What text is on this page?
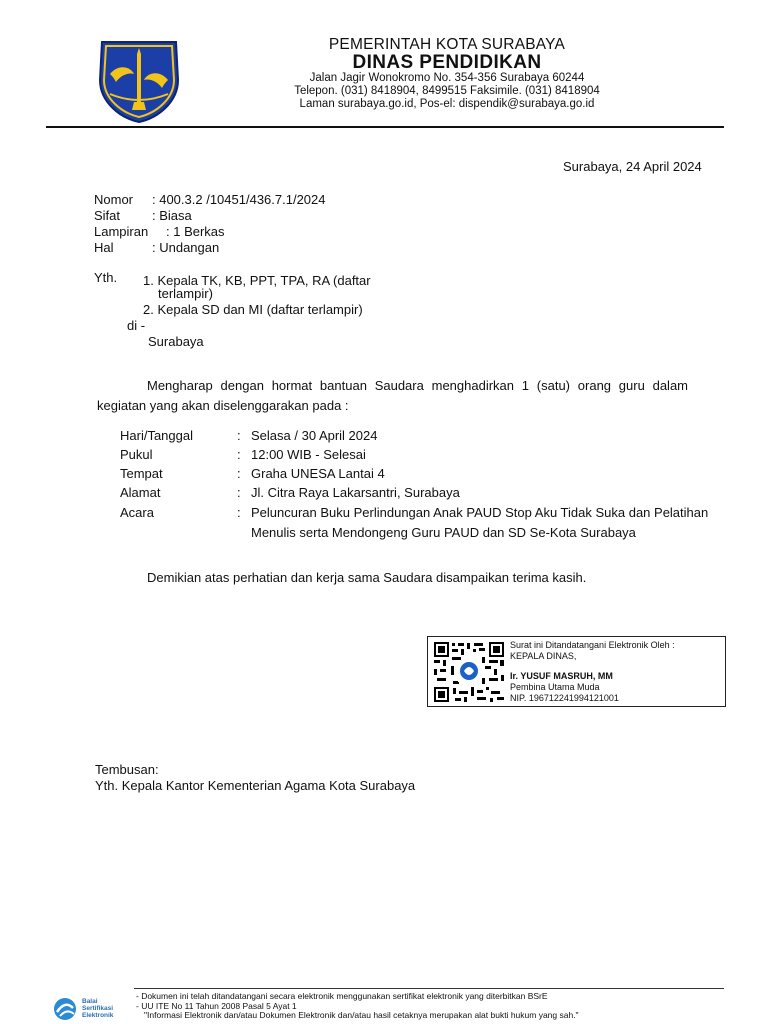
PEMERINTAH KOTA SURABAYA
DINAS PENDIDIKAN
Jalan Jagir Wonokromo No. 354-356 Surabaya 60244
Telepon. (031) 8418904, 8499515 Faksimile. (031) 8418904
Laman surabaya.go.id, Pos-el: dispendik@surabaya.go.id
Surabaya, 24 April 2024
Nomor : 400.3.2 /10451/436.7.1/2024
Sifat : Biasa
Lampiran : 1 Berkas
Hal	: Undangan
Yth. 1. Kepala TK, KB, PPT, TPA, RA (daftar
terlampir)
2. Kepala SD dan MI (daftar terlampir)
di -
Surabaya
Mengharap dengan hormat bantuan Saudara menghadirkan 1 (satu) orang guru dalam
kegiatan yang akan diselenggarakan pada :
Hari/Tanggal	: Selasa / 30 April 2024
Pukul	: 12:00 WIB - Selesai
Tempat	: Graha UNESA Lantai 4
Alamat	: Jl. Citra Raya Lakarsantri, Surabaya
Acara	: Peluncuran Buku Perlindungan Anak PAUD Stop Aku Tidak Suka dan Pelatihan
Menulis serta Mendongeng Guru PAUD dan SD Se-Kota Surabaya
Demikian atas perhatian dan kerja sama Saudara disampaikan terima kasih.
Surat ini Ditandatangani Elektronik Oleh :
KEPALA DINAS,
Ir. YUSUF MASRUH, MM
Pembina Utama Muda
NIP. 196712241994121001
Tembusan:
Yth. Kepala Kantor Kementerian Agama Kota Surabaya
Balai
Sertifikasi
Elektronik
- Dokumen ini telah ditandatangani secara elektronik menggunakan sertifikat elektronik yang diterbitkan BSrE
- UU ITE No 11 Tahun 2008 Pasal 5 Ayat 1
"Informasi Elektronik dan/atau Dokumen Elektronik dan/atau hasil cetaknya merupakan alat bukti hukum yang sah."
